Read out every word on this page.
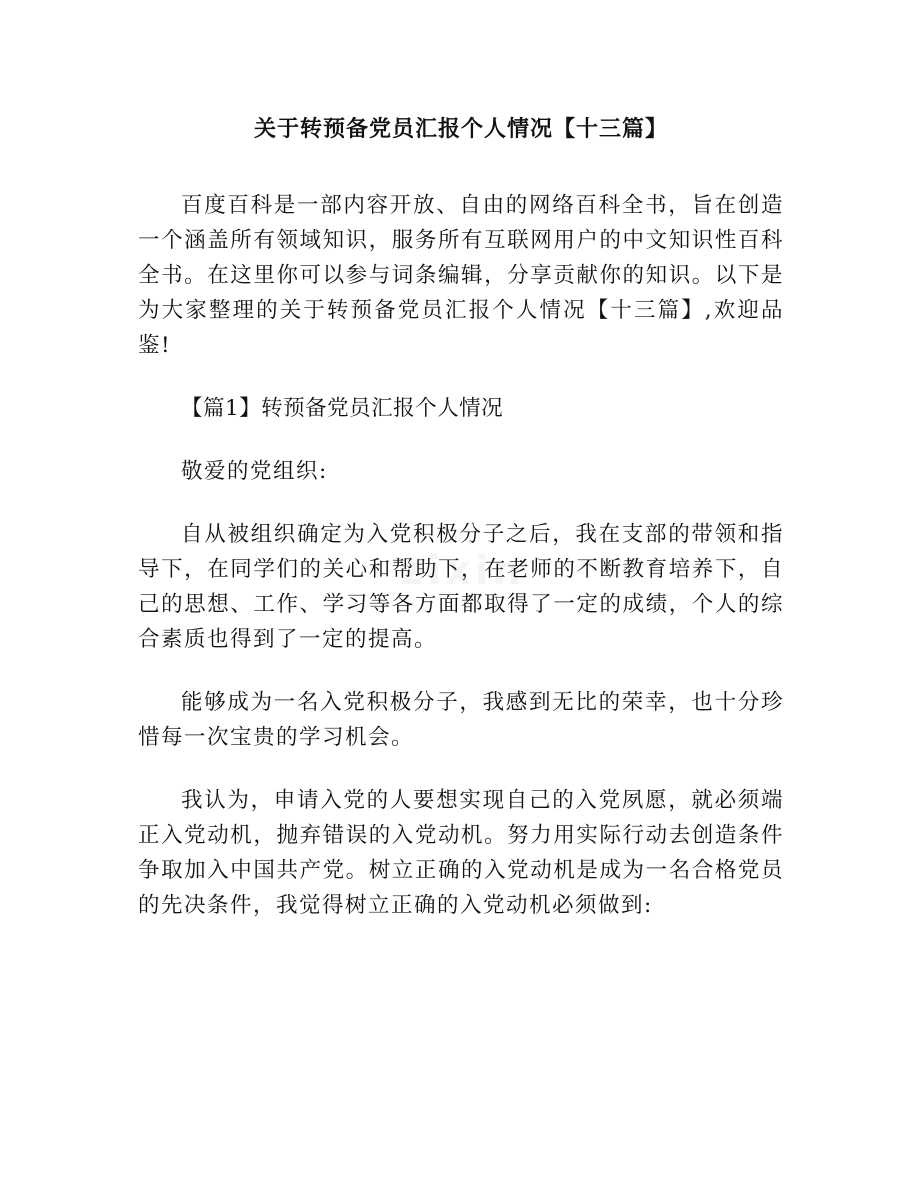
关于转预备党员汇报个人情况【十三篇】

百度百科是一部内容开放、自由的网络百科全书，旨在创造一个涵盖所有领域知识，服务所有互联网用户的中文知识性百科全书。在这里你可以参与词条编辑，分享贡献你的知识。以下是为大家整理的关于转预备党员汇报个人情况【十三篇】,欢迎品鉴!

【篇1】转预备党员汇报个人情况

敬爱的党组织:

自从被组织确定为入党积极分子之后，我在支部的带领和指导下，在同学们的关心和帮助下，在老师的不断教育培养下，自己的思想、工作、学习等各方面都取得了一定的成绩，个人的综合素质也得到了一定的提高。

能够成为一名入党积极分子，我感到无比的荣幸，也十分珍惜每一次宝贵的学习机会。

我认为，申请入党的人要想实现自己的入党夙愿，就必须端正入党动机，抛弃错误的入党动机。努力用实际行动去创造条件争取加入中国共产党。树立正确的入党动机是成为一名合格党员的先决条件，我觉得树立正确的入党动机必须做到:
